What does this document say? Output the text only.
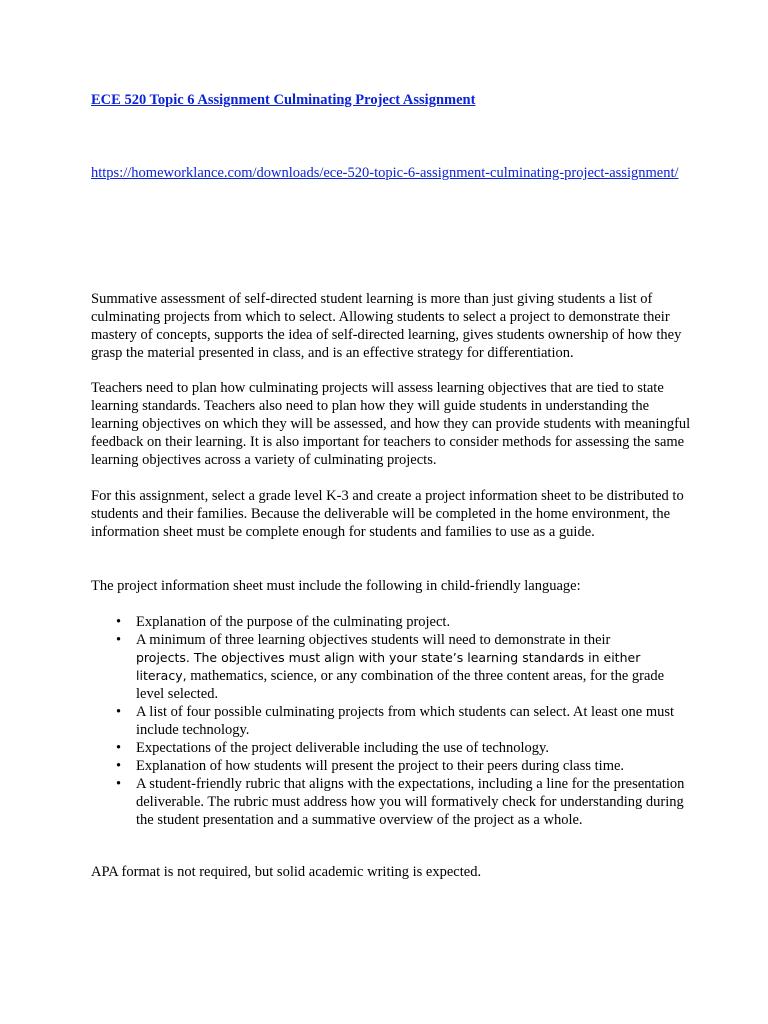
ECE 520 Topic 6 Assignment Culminating Project Assignment
https://homeworklance.com/downloads/ece-520-topic-6-assignment-culminating-project-assignment/

Summative assessment of self-directed student learning is more than just giving students a list of culminating projects from which to select. Allowing students to select a project to demonstrate their mastery of concepts, supports the idea of self-directed learning, gives students ownership of how they grasp the material presented in class, and is an effective strategy for differentiation.

Teachers need to plan how culminating projects will assess learning objectives that are tied to state learning standards. Teachers also need to plan how they will guide students in understanding the learning objectives on which they will be assessed, and how they can provide students with meaningful feedback on their learning. It is also important for teachers to consider methods for assessing the same learning objectives across a variety of culminating projects.

For this assignment, select a grade level K-3 and create a project information sheet to be distributed to students and their families. Because the deliverable will be completed in the home environment, the information sheet must be complete enough for students and families to use as a guide.

The project information sheet must include the following in child-friendly language:

• Explanation of the purpose of the culminating project.
• A minimum of three learning objectives students will need to demonstrate in their
projects. The objectives must align with your state’s learning standards in either literacy, mathematics, science, or any combination of the three content areas, for the grade level selected.
• A list of four possible culminating projects from which students can select. At least one must include technology.
• Expectations of the project deliverable including the use of technology.
• Explanation of how students will present the project to their peers during class time.
• A student-friendly rubric that aligns with the expectations, including a line for the presentation deliverable. The rubric must address how you will formatively check for understanding during the student presentation and a summative overview of the project as a whole.

APA format is not required, but solid academic writing is expected.
